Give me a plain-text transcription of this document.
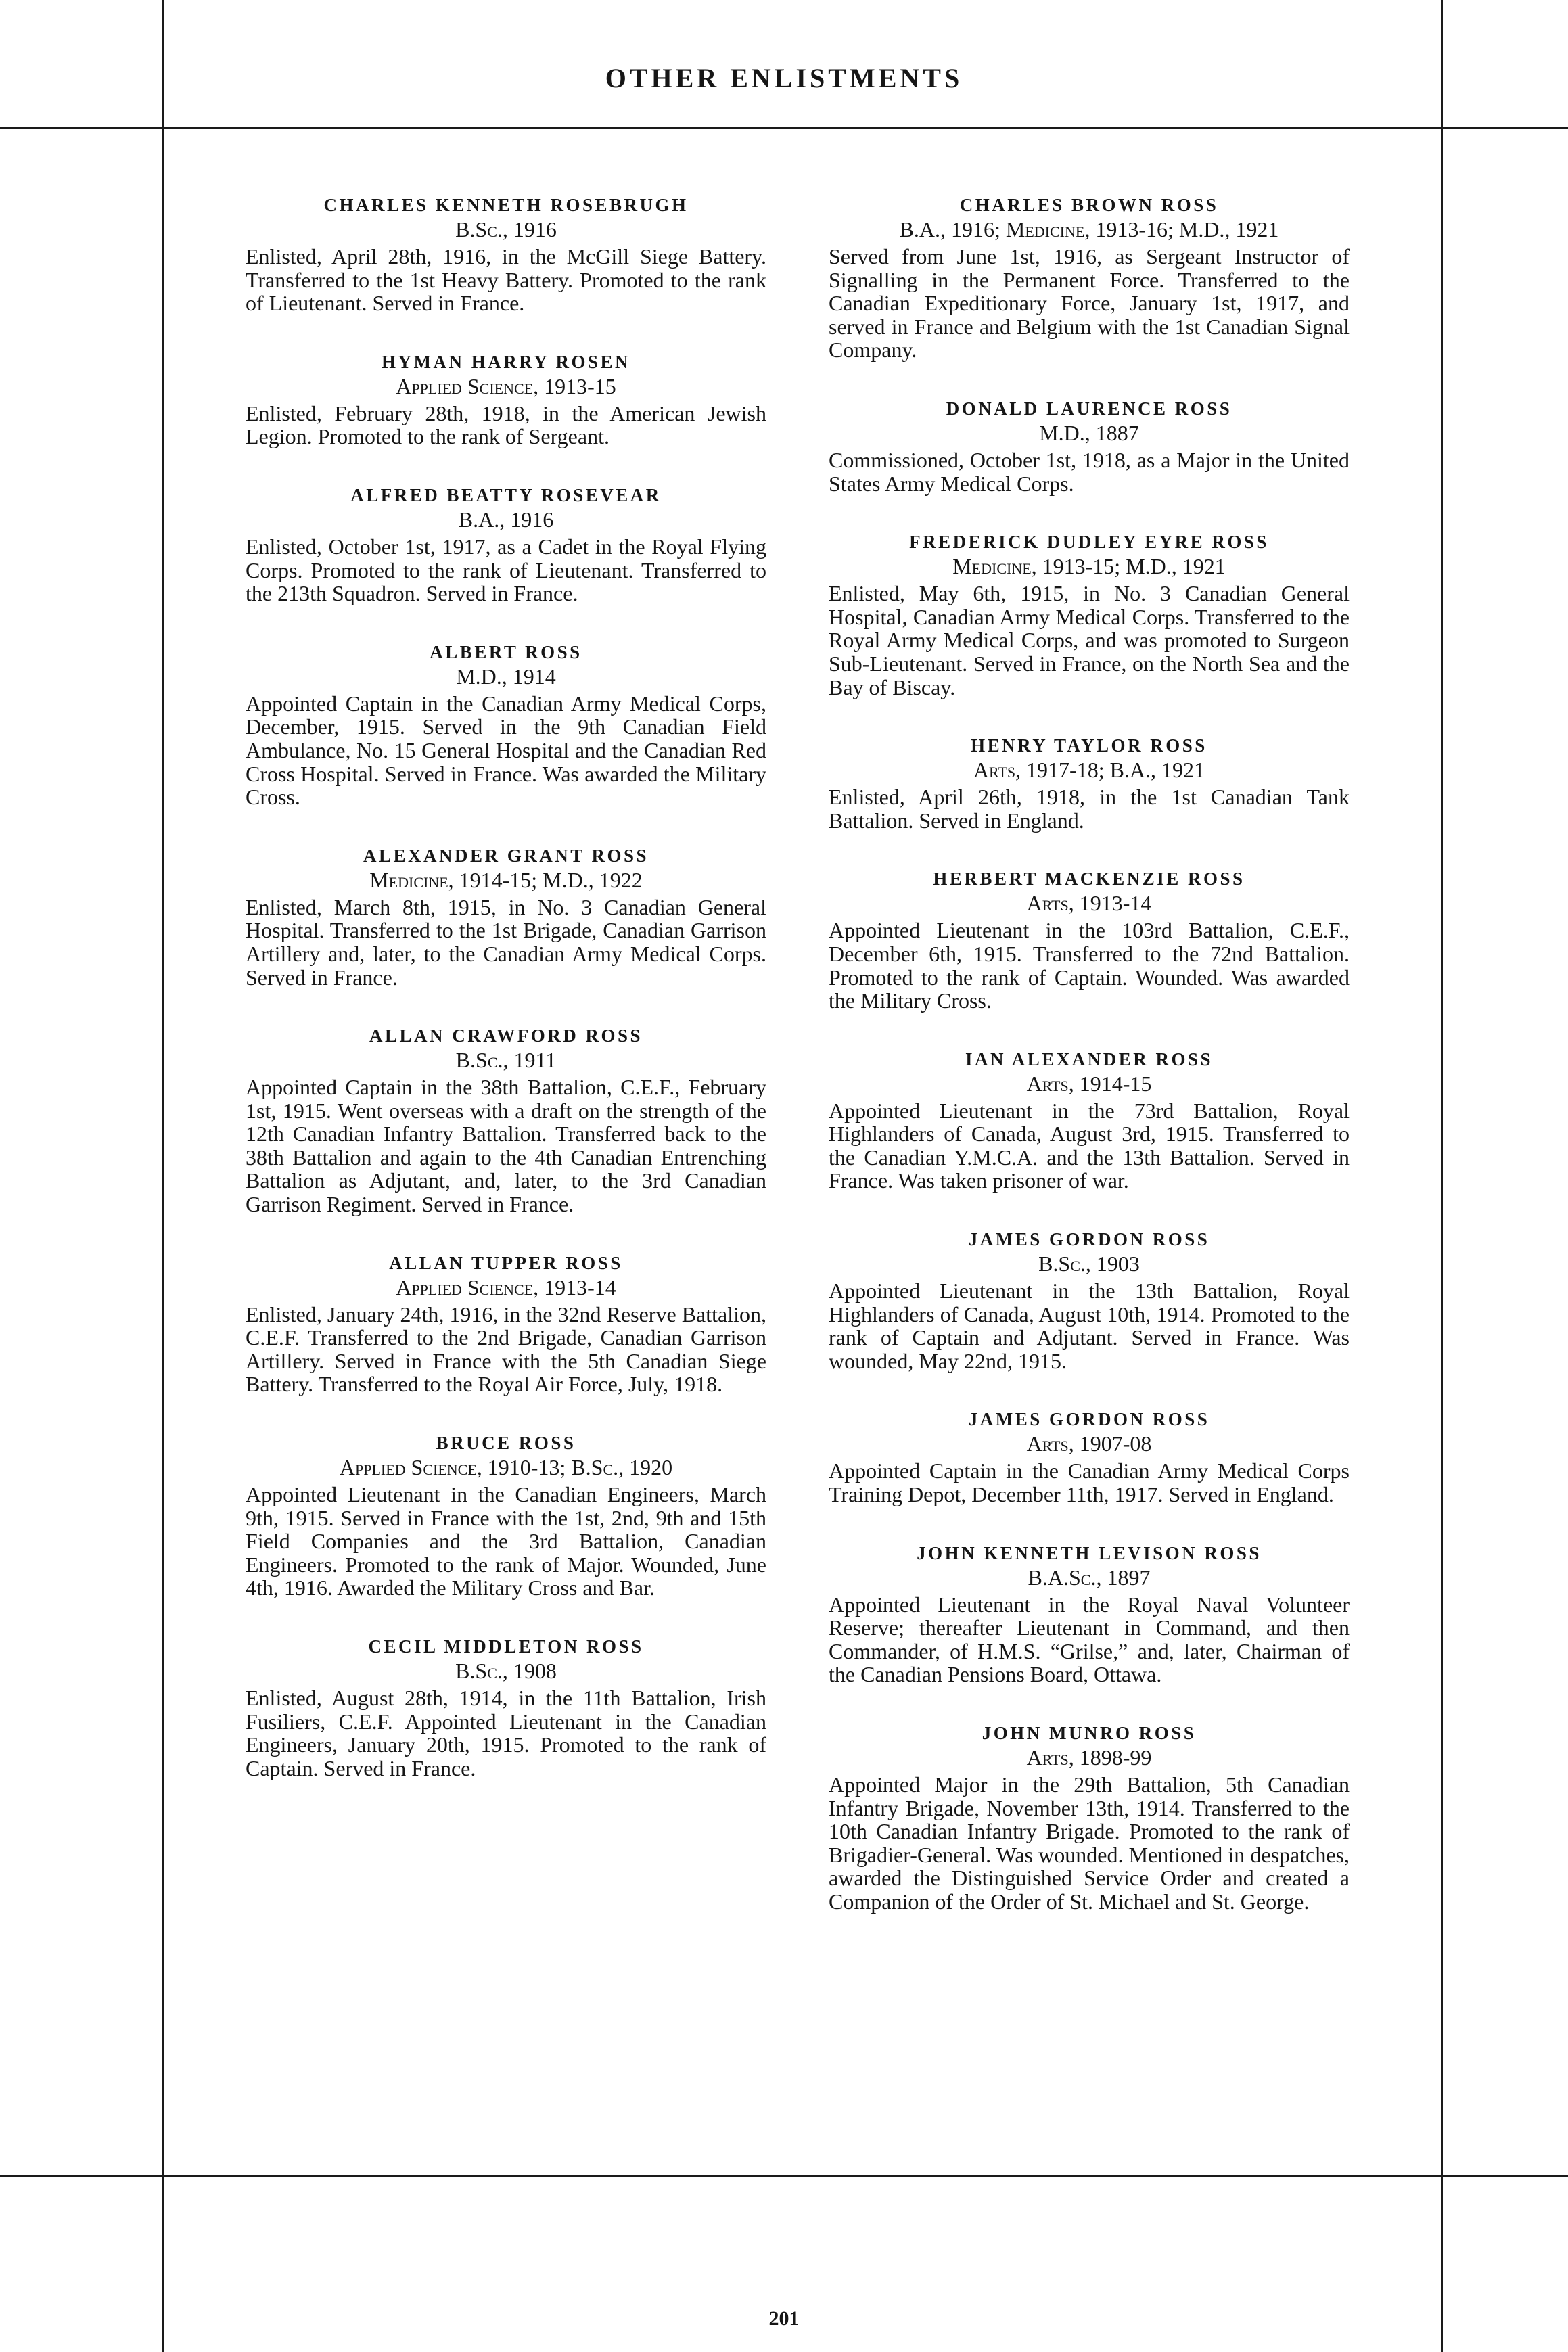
OTHER ENLISTMENTS
CHARLES KENNETH ROSEBRUGH
B.Sc., 1916
Enlisted, April 28th, 1916, in the McGill Siege Battery. Transferred to the 1st Heavy Battery. Promoted to the rank of Lieutenant. Served in France.
HYMAN HARRY ROSEN
Applied Science, 1913-15
Enlisted, February 28th, 1918, in the American Jewish Legion. Promoted to the rank of Sergeant.
ALFRED BEATTY ROSEVEAR
B.A., 1916
Enlisted, October 1st, 1917, as a Cadet in the Royal Flying Corps. Promoted to the rank of Lieutenant. Transferred to the 213th Squadron. Served in France.
ALBERT ROSS
M.D., 1914
Appointed Captain in the Canadian Army Medical Corps, December, 1915. Served in the 9th Canadian Field Ambulance, No. 15 General Hospital and the Canadian Red Cross Hospital. Served in France. Was awarded the Military Cross.
ALEXANDER GRANT ROSS
Medicine, 1914-15; M.D., 1922
Enlisted, March 8th, 1915, in No. 3 Canadian General Hospital. Transferred to the 1st Brigade, Canadian Garrison Artillery and, later, to the Canadian Army Medical Corps. Served in France.
ALLAN CRAWFORD ROSS
B.Sc., 1911
Appointed Captain in the 38th Battalion, C.E.F., February 1st, 1915. Went overseas with a draft on the strength of the 12th Canadian Infantry Battalion. Transferred back to the 38th Battalion and again to the 4th Canadian Entrenching Battalion as Adjutant, and, later, to the 3rd Canadian Garrison Regiment. Served in France.
ALLAN TUPPER ROSS
Applied Science, 1913-14
Enlisted, January 24th, 1916, in the 32nd Reserve Battalion, C.E.F. Transferred to the 2nd Brigade, Canadian Garrison Artillery. Served in France with the 5th Canadian Siege Battery. Transferred to the Royal Air Force, July, 1918.
BRUCE ROSS
Applied Science, 1910-13; B.Sc., 1920
Appointed Lieutenant in the Canadian Engineers, March 9th, 1915. Served in France with the 1st, 2nd, 9th and 15th Field Companies and the 3rd Battalion, Canadian Engineers. Promoted to the rank of Major. Wounded, June 4th, 1916. Awarded the Military Cross and Bar.
CECIL MIDDLETON ROSS
B.Sc., 1908
Enlisted, August 28th, 1914, in the 11th Battalion, Irish Fusiliers, C.E.F. Appointed Lieutenant in the Canadian Engineers, January 20th, 1915. Promoted to the rank of Captain. Served in France.
CHARLES BROWN ROSS
B.A., 1916; Medicine, 1913-16; M.D., 1921
Served from June 1st, 1916, as Sergeant Instructor of Signalling in the Permanent Force. Transferred to the Canadian Expeditionary Force, January 1st, 1917, and served in France and Belgium with the 1st Canadian Signal Company.
DONALD LAURENCE ROSS
M.D., 1887
Commissioned, October 1st, 1918, as a Major in the United States Army Medical Corps.
FREDERICK DUDLEY EYRE ROSS
Medicine, 1913-15; M.D., 1921
Enlisted, May 6th, 1915, in No. 3 Canadian General Hospital, Canadian Army Medical Corps. Transferred to the Royal Army Medical Corps, and was promoted to Surgeon Sub-Lieutenant. Served in France, on the North Sea and the Bay of Biscay.
HENRY TAYLOR ROSS
Arts, 1917-18; B.A., 1921
Enlisted, April 26th, 1918, in the 1st Canadian Tank Battalion. Served in England.
HERBERT MACKENZIE ROSS
Arts, 1913-14
Appointed Lieutenant in the 103rd Battalion, C.E.F., December 6th, 1915. Transferred to the 72nd Battalion. Promoted to the rank of Captain. Wounded. Was awarded the Military Cross.
IAN ALEXANDER ROSS
Arts, 1914-15
Appointed Lieutenant in the 73rd Battalion, Royal Highlanders of Canada, August 3rd, 1915. Transferred to the Canadian Y.M.C.A. and the 13th Battalion. Served in France. Was taken prisoner of war.
JAMES GORDON ROSS
B.Sc., 1903
Appointed Lieutenant in the 13th Battalion, Royal Highlanders of Canada, August 10th, 1914. Promoted to the rank of Captain and Adjutant. Served in France. Was wounded, May 22nd, 1915.
JAMES GORDON ROSS
Arts, 1907-08
Appointed Captain in the Canadian Army Medical Corps Training Depot, December 11th, 1917. Served in England.
JOHN KENNETH LEVISON ROSS
B.A.Sc., 1897
Appointed Lieutenant in the Royal Naval Volunteer Reserve; thereafter Lieutenant in Command, and then Commander, of H.M.S. “Grilse,” and, later, Chairman of the Canadian Pensions Board, Ottawa.
JOHN MUNRO ROSS
Arts, 1898-99
Appointed Major in the 29th Battalion, 5th Canadian Infantry Brigade, November 13th, 1914. Transferred to the 10th Canadian Infantry Brigade. Promoted to the rank of Brigadier-General. Was wounded. Mentioned in despatches, awarded the Distinguished Service Order and created a Companion of the Order of St. Michael and St. George.
201
